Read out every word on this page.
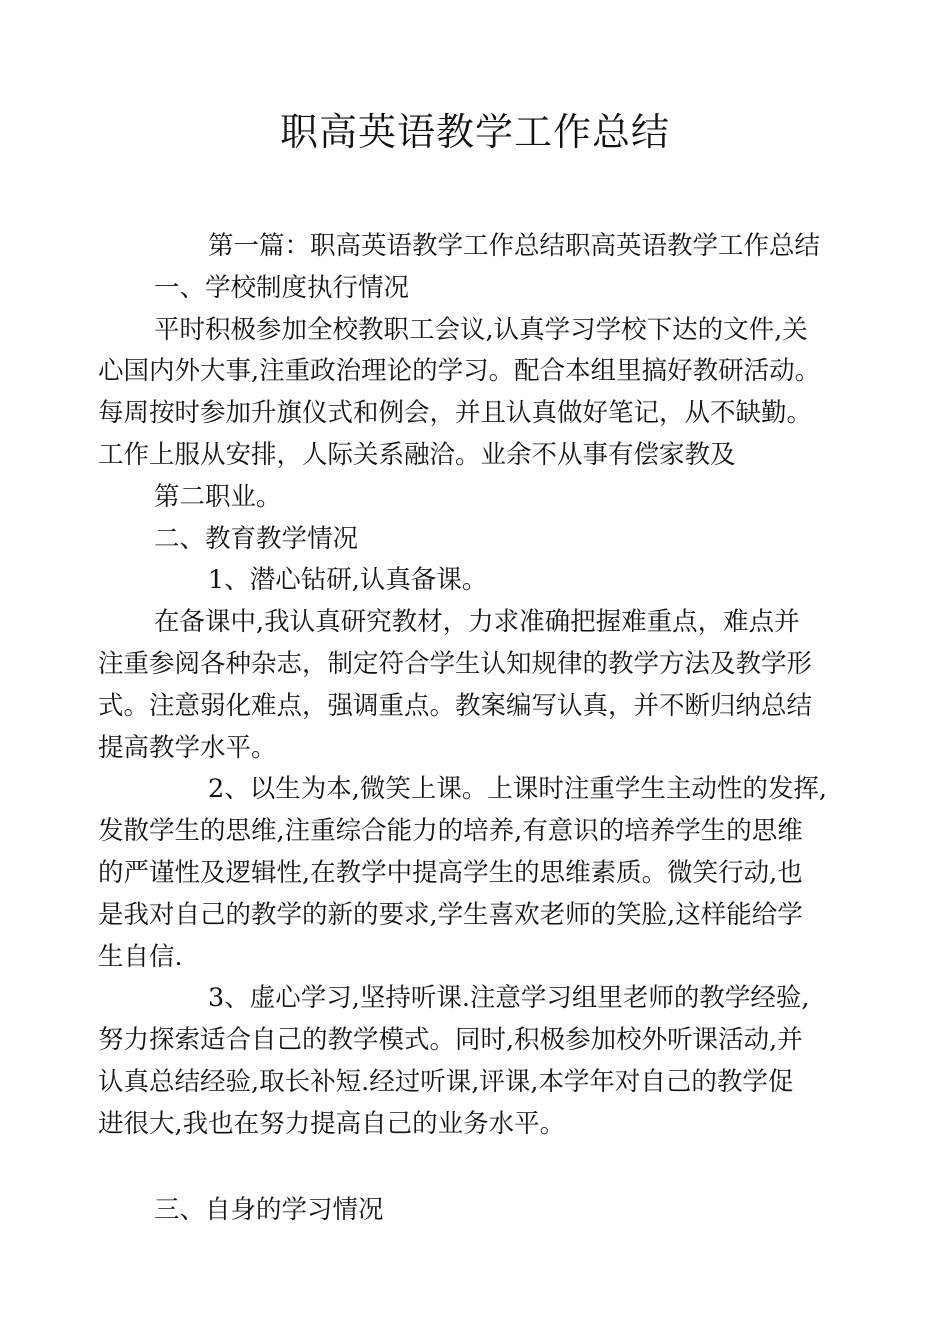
职高英语教学工作总结

第一篇：职高英语教学工作总结职高英语教学工作总结

一、学校制度执行情况

平时积极参加全校教职工会议,认真学习学校下达的文件,关

心国内外大事,注重政治理论的学习。配合本组里搞好教研活动。

每周按时参加升旗仪式和例会，并且认真做好笔记，从不缺勤。

工作上服从安排，人际关系融洽。业余不从事有偿家教及

第二职业。

二、教育教学情况

1、潜心钻研,认真备课。

在备课中,我认真研究教材，力求准确把握难重点，难点并

注重参阅各种杂志，制定符合学生认知规律的教学方法及教学形

式。注意弱化难点，强调重点。教案编写认真，并不断归纳总结

提高教学水平。

2、以生为本,微笑上课。上课时注重学生主动性的发挥,

发散学生的思维,注重综合能力的培养,有意识的培养学生的思维

的严谨性及逻辑性,在教学中提高学生的思维素质。微笑行动,也

是我对自己的教学的新的要求,学生喜欢老师的笑脸,这样能给学

生自信.

3、虚心学习,坚持听课.注意学习组里老师的教学经验,

努力探索适合自己的教学模式。同时,积极参加校外听课活动,并

认真总结经验,取长补短.经过听课,评课,本学年对自己的教学促

进很大,我也在努力提高自己的业务水平。

三、自身的学习情况
